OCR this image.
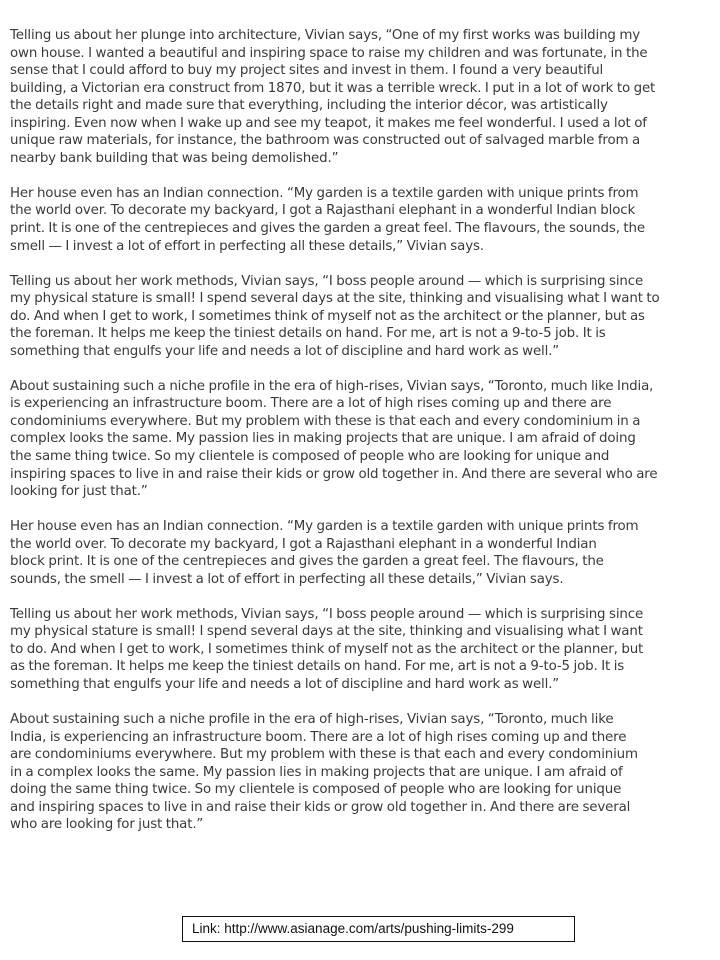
Telling us about her plunge into architecture, Vivian says, “One of my first works was building my
own house. I wanted a beautiful and inspiring space to raise my children and was fortunate, in the
sense that I could afford to buy my project sites and invest in them. I found a very beautiful
building, a Victorian era construct from 1870, but it was a terrible wreck. I put in a lot of work to get
the details right and made sure that everything, including the interior décor, was artistically
inspiring. Even now when I wake up and see my teapot, it makes me feel wonderful. I used a lot of
unique raw materials, for instance, the bathroom was constructed out of salvaged marble from a
nearby bank building that was being demolished.”

Her house even has an Indian connection. “My garden is a textile garden with unique prints from
the world over. To decorate my backyard, I got a Rajasthani elephant in a wonderful Indian block
print. It is one of the centrepieces and gives the garden a great feel. The flavours, the sounds, the
smell — I invest a lot of effort in perfecting all these details,” Vivian says.

Telling us about her work methods, Vivian says, “I boss people around — which is surprising since
my physical stature is small! I spend several days at the site, thinking and visualising what I want to
do. And when I get to work, I sometimes think of myself not as the architect or the planner, but as
the foreman. It helps me keep the tiniest details on hand. For me, art is not a 9-to-5 job. It is
something that engulfs your life and needs a lot of discipline and hard work as well.”

About sustaining such a niche profile in the era of high-rises, Vivian says, “Toronto, much like India,
is experiencing an infrastructure boom. There are a lot of high rises coming up and there are
condominiums everywhere. But my problem with these is that each and every condominium in a
complex looks the same. My passion lies in making projects that are unique. I am afraid of doing
the same thing twice. So my clientele is composed of people who are looking for unique and
inspiring spaces to live in and raise their kids or grow old together in. And there are several who are
looking for just that.”

Her house even has an Indian connection. “My garden is a textile garden with unique prints from
the world over. To decorate my backyard, I got a Rajasthani elephant in a wonderful Indian
block print. It is one of the centrepieces and gives the garden a great feel. The flavours, the
sounds, the smell — I invest a lot of effort in perfecting all these details,” Vivian says.

Telling us about her work methods, Vivian says, “I boss people around — which is surprising since
my physical stature is small! I spend several days at the site, thinking and visualising what I want
to do. And when I get to work, I sometimes think of myself not as the architect or the planner, but
as the foreman. It helps me keep the tiniest details on hand. For me, art is not a 9-to-5 job. It is
something that engulfs your life and needs a lot of discipline and hard work as well.”

About sustaining such a niche profile in the era of high-rises, Vivian says, “Toronto, much like
India, is experiencing an infrastructure boom. There are a lot of high rises coming up and there
are condominiums everywhere. But my problem with these is that each and every condominium
in a complex looks the same. My passion lies in making projects that are unique. I am afraid of
doing the same thing twice. So my clientele is composed of people who are looking for unique
and inspiring spaces to live in and raise their kids or grow old together in. And there are several
who are looking for just that.”

Link: http://www.asianage.com/arts/pushing-limits-299
